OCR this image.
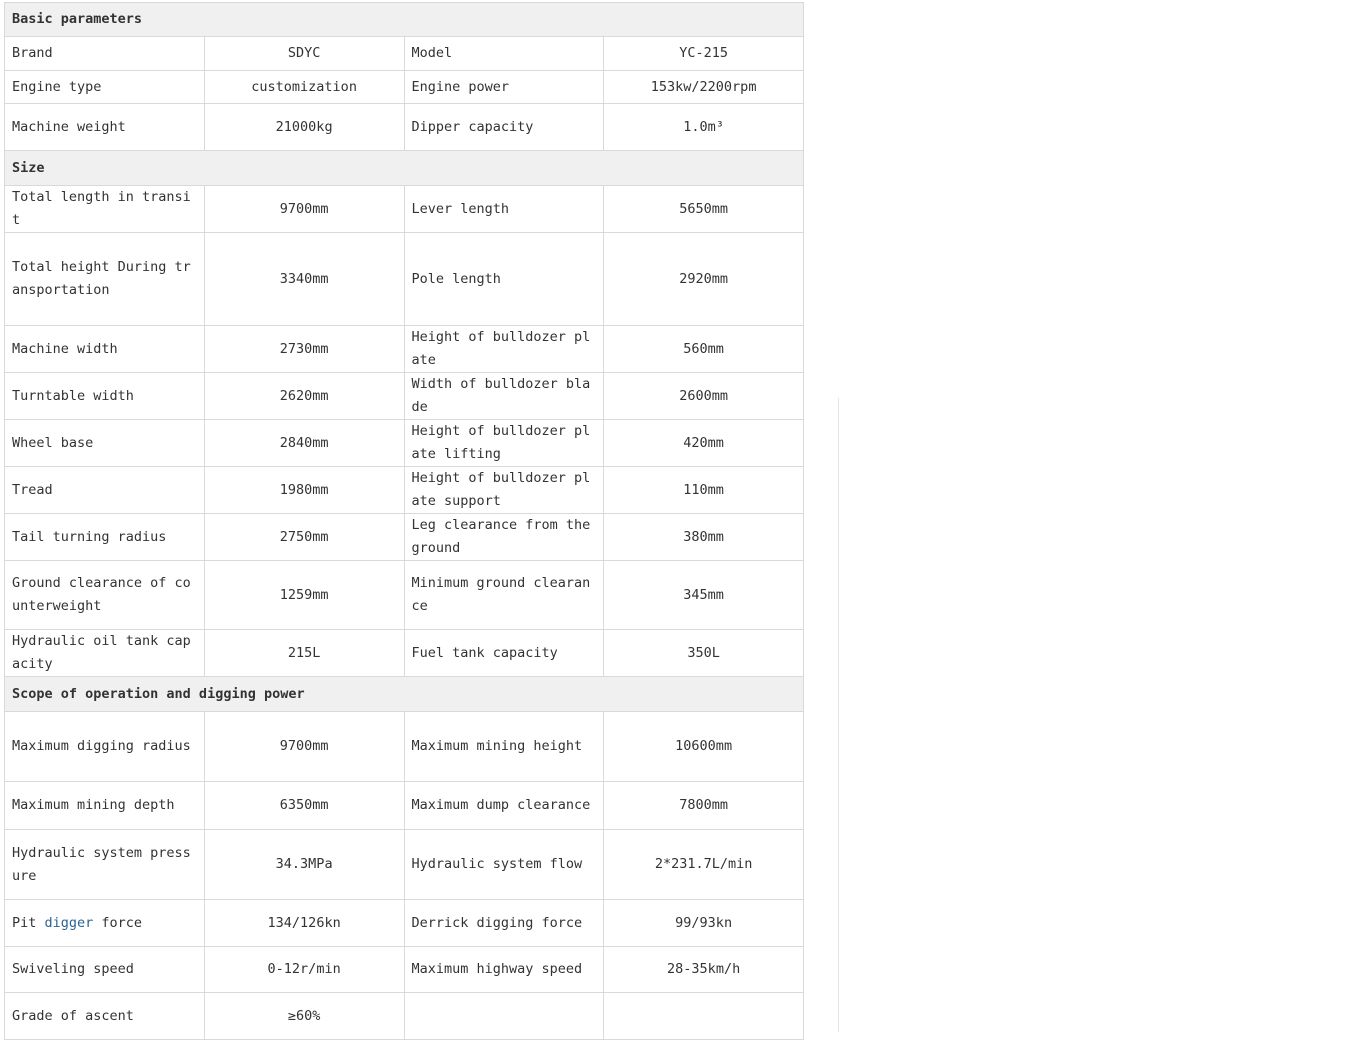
Basic parameters			
Brand	SDYC	Model	YC-215
Engine type	customization	Engine power	153kw/2200rpm
Machine weight	21000kg	Dipper capacity	1.0m³
Size			
Total length in transit	9700mm	Lever length	5650mm
Total height During transportation	3340mm	Pole length	2920mm
Machine width	2730mm	Height of bulldozer plate	560mm
Turntable width	2620mm	Width of bulldozer blade	2600mm
Wheel base	2840mm	Height of bulldozer plate lifting	420mm
Tread	1980mm	Height of bulldozer plate support	110mm
Tail turning radius	2750mm	Leg clearance from the ground	380mm
Ground clearance of counterweight	1259mm	Minimum ground clearance	345mm
Hydraulic oil tank capacity	215L	Fuel tank capacity	350L
Scope of operation and digging power			
Maximum digging radius	9700mm	Maximum mining height	10600mm
Maximum mining depth	6350mm	Maximum dump clearance	7800mm
Hydraulic system pressure	34.3MPa	Hydraulic system flow	2*231.7L/min
Pit digger force	134/126kn	Derrick digging force	99/93kn
Swiveling speed	0-12r/min	Maximum highway speed	28-35km/h
Grade of ascent	≥60%		
